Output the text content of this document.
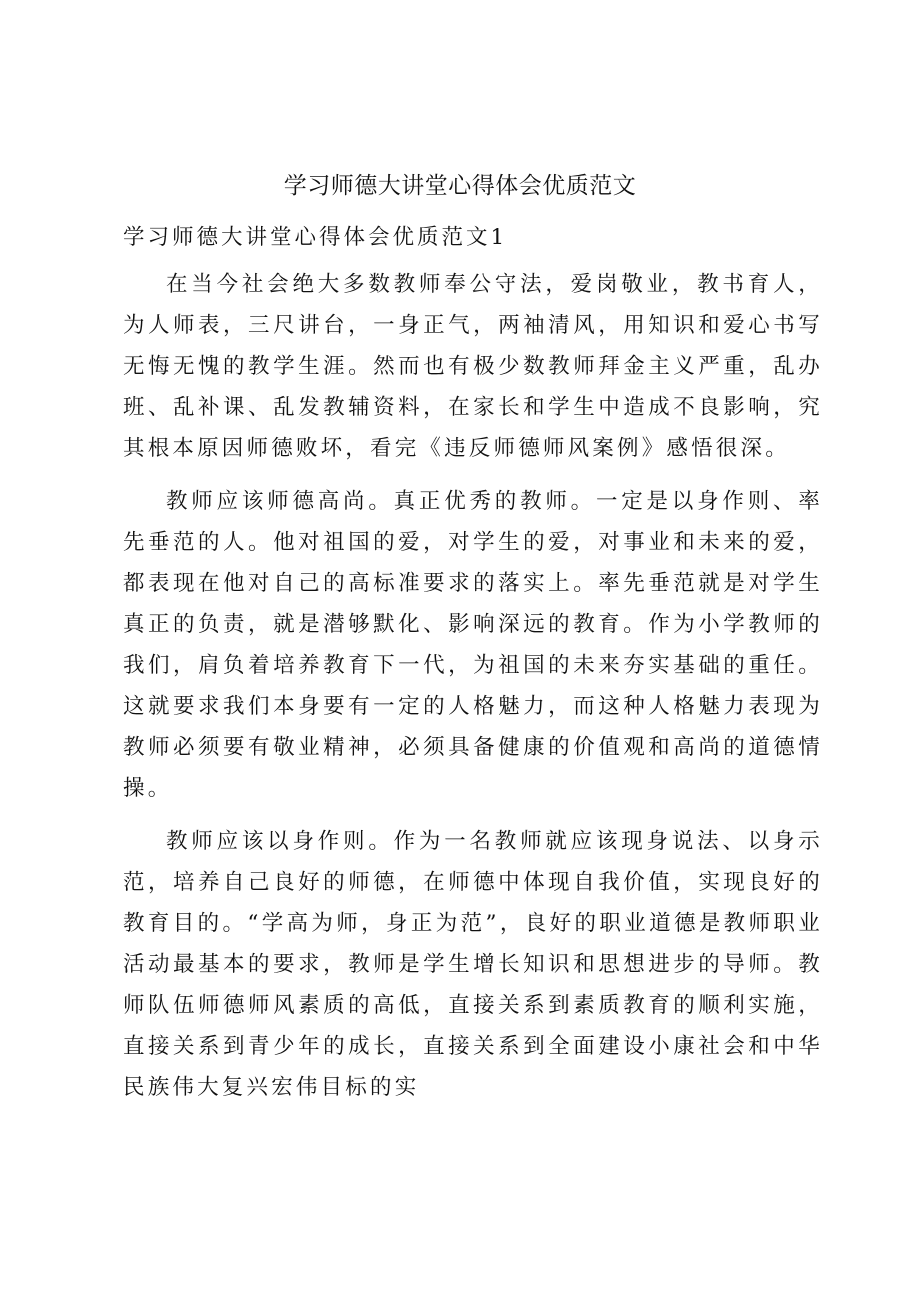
学习师德大讲堂心得体会优质范文
学习师德大讲堂心得体会优质范文1

在当今社会绝大多数教师奉公守法，爱岗敬业，教书育人，为人师表，三尺讲台，一身正气，两袖清风，用知识和爱心书写无悔无愧的教学生涯。然而也有极少数教师拜金主义严重，乱办班、乱补课、乱发教辅资料，在家长和学生中造成不良影响，究其根本原因师德败坏，看完《违反师德师风案例》感悟很深。

教师应该师德高尚。真正优秀的教师。一定是以身作则、率先垂范的人。他对祖国的爱，对学生的爱，对事业和未来的爱，都表现在他对自己的高标准要求的落实上。率先垂范就是对学生真正的负责，就是潜够默化、影响深远的教育。作为小学教师的我们，肩负着培养教育下一代，为祖国的未来夯实基础的重任。这就要求我们本身要有一定的人格魅力，而这种人格魅力表现为教师必须要有敬业精神，必须具备健康的价值观和高尚的道德情操。

教师应该以身作则。作为一名教师就应该现身说法、以身示范，培养自己良好的师德，在师德中体现自我价值，实现良好的教育目的。“学高为师，身正为范”，良好的职业道德是教师职业活动最基本的要求，教师是学生增长知识和思想进步的导师。教师队伍师德师风素质的高低，直接关系到素质教育的顺利实施，直接关系到青少年的成长，直接关系到全面建设小康社会和中华民族伟大复兴宏伟目标的实
